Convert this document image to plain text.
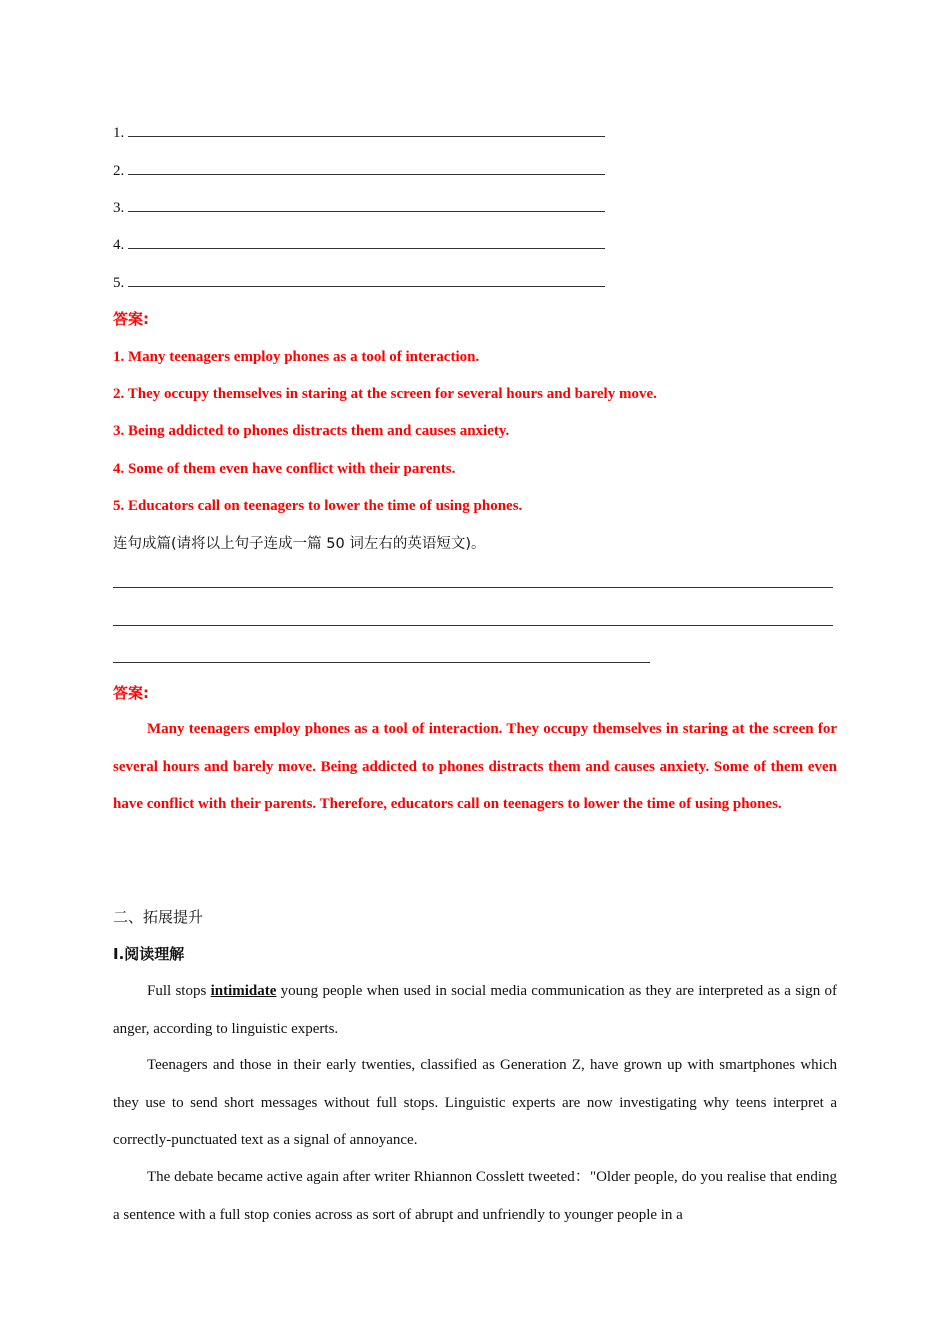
1.
2.
3.
4.
5.
答案:
1. Many teenagers employ phones as a tool of interaction.
2. They occupy themselves in staring at the screen for several hours and barely move.
3. Being addicted to phones distracts them and causes anxiety.
4. Some of them even have conflict with their parents.
5. Educators call on teenagers to lower the time of using phones.
连句成篇(请将以上句子连成一篇 50 词左右的英语短文)。
答案:
Many teenagers employ phones as a tool of interaction. They occupy themselves in staring at the screen for several hours and barely move. Being addicted to phones distracts them and causes anxiety. Some of them even have conflict with their parents. Therefore, educators call on teenagers to lower the time of using phones.
二、拓展提升
I.阅读理解
Full stops intimidate young people when used in social media communication as they are interpreted as a sign of anger, according to linguistic experts.
Teenagers and those in their early twenties, classified as Generation Z, have grown up with smartphones which they use to send short messages without full stops. Linguistic experts are now investigating why teens interpret a correctly-punctuated text as a signal of annoyance.
The debate became active again after writer Rhiannon Cosslett tweeted："Older people, do you realise that ending a sentence with a full stop conies across as sort of abrupt and unfriendly to younger people in a
